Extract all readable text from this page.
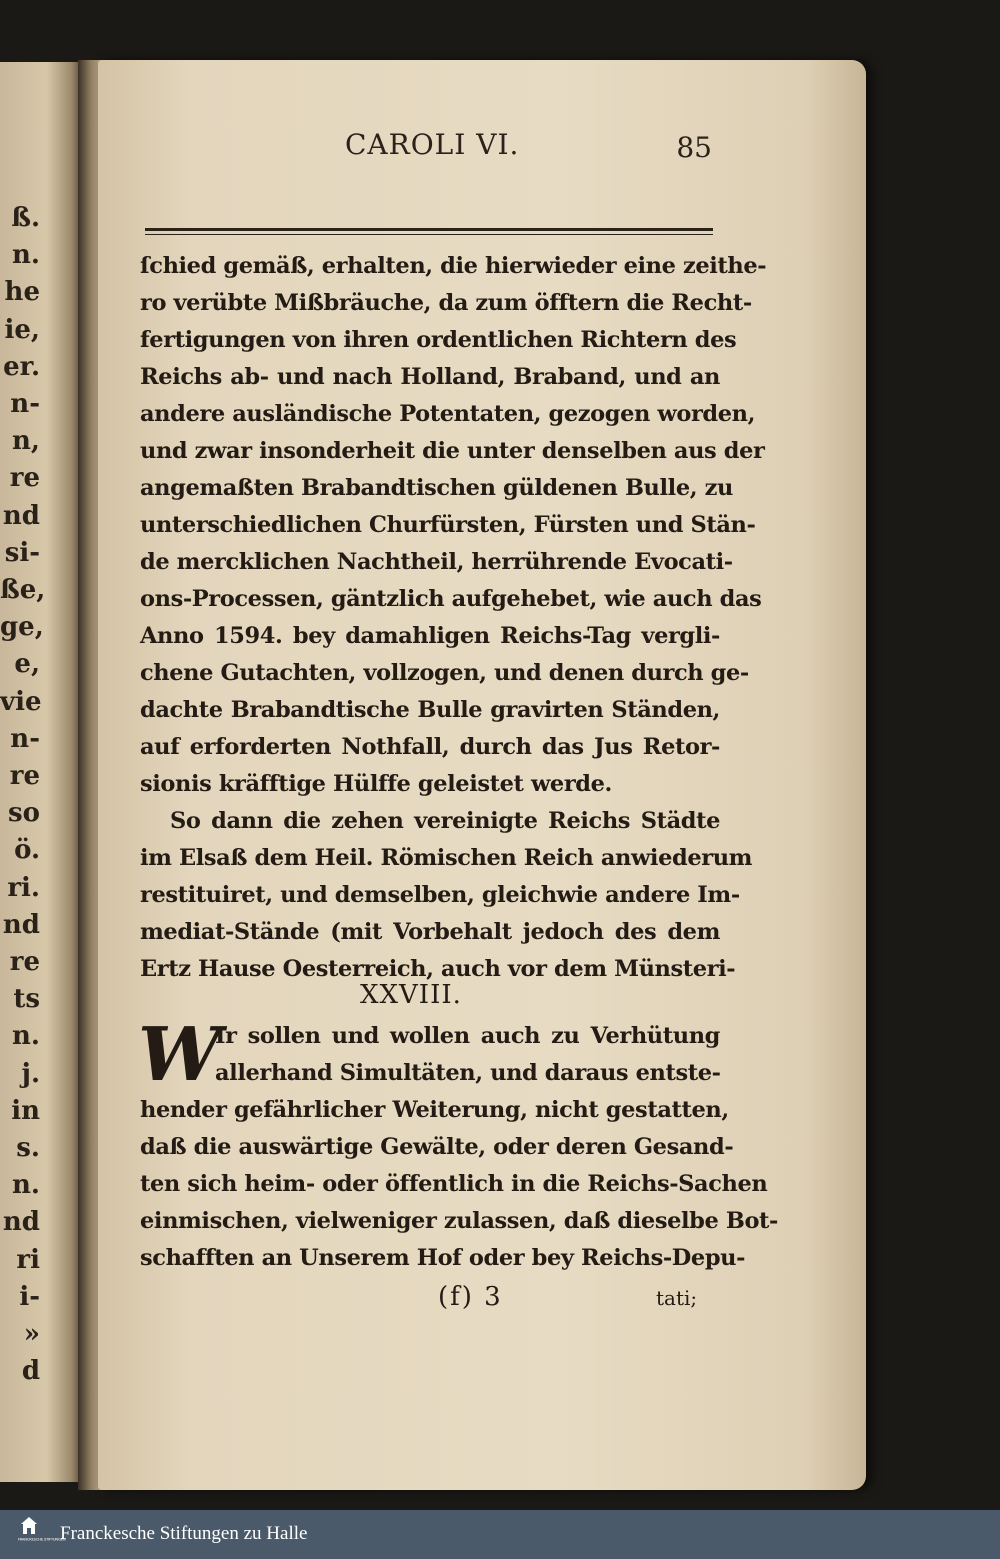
ß.
n.
he
ie,
er.
n-
n,
re
nd
si-
ße,
ge,
e,
vie
n-
re
so
ö.
ri.
nd
re
ts
n.
j.
in
s.
n.
nd
ri
i-
»
d
CAROLI VI.	85
ſchied gemäß, erhalten, die hierwieder eine zeithe-
ro verübte Mißbräuche, da zum öfftern die Recht-
fertigungen von ihren ordentlichen Richtern des
Reichs ab- und nach Holland, Braband, und an
andere ausländische Potentaten, gezogen worden,
und zwar insonderheit die unter denselben aus der
angemaßten Brabandtischen güldenen Bulle, zu
unterschiedlichen Churfürsten, Fürsten und Stän-
de mercklichen Nachtheil, herrührende Evocati-
ons-Processen, gäntzlich aufgehebet, wie auch das
Anno 1594. bey damahligen Reichs-Tag vergli-
chene Gutachten, vollzogen, und denen durch ge-
dachte Brabandtische Bulle gravirten Ständen,
auf erforderten Nothfall, durch das Jus Retor-
sionis kräfftige Hülffe geleistet werde.
So dann die zehen vereinigte Reichs Städte
im Elsaß dem Heil. Römischen Reich anwiederum
restituiret, und demselben, gleichwie andere Im-
mediat-Stände (mit Vorbehalt jedoch des dem
Ertz Hause Oesterreich, auch vor dem Münsteri-
XXVIII.
W
Ir sollen und wollen auch zu Verhütung
allerhand Simultäten, und daraus entste-
hender gefährlicher Weiterung, nicht gestatten,
daß die auswärtige Gewälte, oder deren Gesand-
ten sich heim- oder öffentlich in die Reichs-Sachen
einmischen, vielweniger zulassen, daß dieselbe Bot-
schafften an Unserem Hof oder bey Reichs-Depu-
(f) 3	tati;
FRANCKESCHE STIFTUNGEN
Franckesche Stiftungen zu Halle
